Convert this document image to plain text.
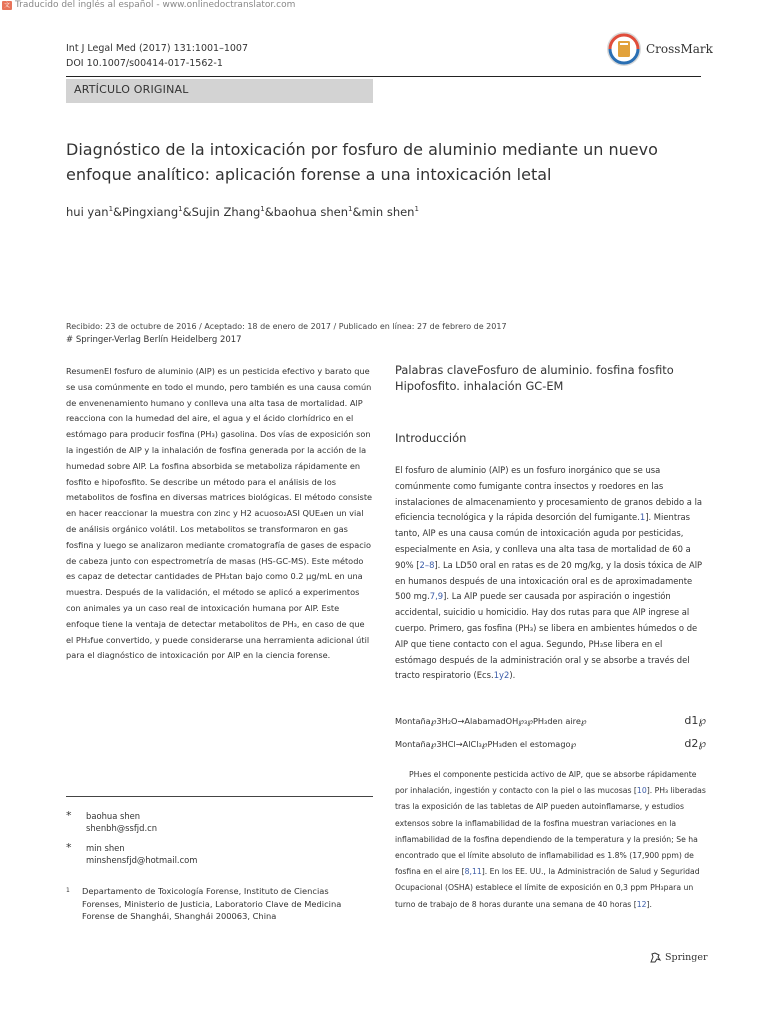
文A
Traducido del inglés al español - www.onlinedoctranslator.com
Int J Legal Med (2017) 131:1001–1007
DOI 10.1007/s00414-017-1562-1
CrossMark
ARTÍCULO ORIGINAL
Diagnóstico de la intoxicación por fosfuro de aluminio mediante un nuevo enfoque analítico: aplicación forense a una intoxicación letal
hui yan$^1$&Pingxiang$^1$&Sujin Zhang$^1$&baohua shen$^1$&min shen$^1$
Recibido: 23 de octubre de 2016 / Aceptado: 18 de enero de 2017 / Publicado en línea: 27 de febrero de 2017
# Springer-Verlag Berlín Heidelberg 2017
ResumenEl fosfuro de aluminio (AlP) es un pesticida efectivo y barato que se usa comúnmente en todo el mundo, pero también es una causa común de envenenamiento humano y conlleva una alta tasa de mortalidad. AlP reacciona con la humedad del aire, el agua y el ácido clorhídrico en el estómago para producir fosfina (PH₃) gasolina. Dos vías de exposición son la ingestión de AlP y la inhalación de fosfina generada por la acción de la humedad sobre AlP. La fosfina absorbida se metaboliza rápidamente en fosfito e hipofosfito. Se describe un método para el análisis de los metabolitos de fosfina en diversas matrices biológicas. El método consiste en hacer reaccionar la muestra con zinc y H2 acuoso₂ASI QUE₄en un vial de análisis orgánico volátil. Los metabolitos se transformaron en gas fosfina y luego se analizaron mediante cromatografía de gases de espacio de cabeza junto con espectrometría de masas (HS-GC-MS). Este método es capaz de detectar cantidades de PH₃tan bajo como 0.2 μg/mL en una muestra. Después de la validación, el método se aplicó a experimentos con animales ya un caso real de intoxicación humana por AlP. Este enfoque tiene la ventaja de detectar metabolitos de PH₃, en caso de que el PH₃fue convertido, y puede considerarse una herramienta adicional útil para el diagnóstico de intoxicación por AlP en la ciencia forense.
Palabras claveFosfuro de aluminio. fosfina fosfito Hipofosfito. inhalación GC-EM
Introducción
El fosfuro de aluminio (AlP) es un fosfuro inorgánico que se usa comúnmente como fumigante contra insectos y roedores en las instalaciones de almacenamiento y procesamiento de granos debido a la eficiencia tecnológica y la rápida desorción del fumigante.1]. Mientras tanto, AlP es una causa común de intoxicación aguda por pesticidas, especialmente en Asia, y conlleva una alta tasa de mortalidad de 60 a 90% [2–8]. La LD50 oral en ratas es de 20 mg/kg, y la dosis tóxica de AlP en humanos después de una intoxicación oral es de aproximadamente 500 mg.7,9]. La AlP puede ser causada por aspiración o ingestión accidental, suicidio u homicidio. Hay dos rutas para que AlP ingrese al cuerpo. Primero, gas fosfina (PH₃) se libera en ambientes húmedos o de AlP que tiene contacto con el agua. Segundo, PH₃se libera en el estómago después de la administración oral y se absorbe a través del tracto respiratorio (Ecs.1y2).
Montaña℘3H₂O→AlabamadOH℘₃℘PH₃den aire℘	d1℘
Montaña℘3HCl→AlCl₃℘PH₃den el estomago℘	d2℘
PH₃es el componente pesticida activo de AlP, que se absorbe rápidamente por inhalación, ingestión y contacto con la piel o las mucosas [10]. PH₃ liberadas tras la exposición de las tabletas de AlP pueden autoinflamarse, y estudios extensos sobre la inflamabilidad de la fosfina muestran variaciones en la inflamabilidad de la fosfina dependiendo de la temperatura y la presión; Se ha encontrado que el límite absoluto de inflamabilidad es 1.8% (17,900 ppm) de fosfina en el aire [8,11]. En los EE. UU., la Administración de Salud y Seguridad Ocupacional (OSHA) establece el límite de exposición en 0,3 ppm PH₃para un turno de trabajo de 8 horas durante una semana de 40 horas [12].
* baohua shen
shenbh@ssfjd.cn
* min shen
minshensfjd@hotmail.com
1 Departamento de Toxicología Forense, Instituto de Ciencias Forenses, Ministerio de Justicia, Laboratorio Clave de Medicina Forense de Shanghái, Shanghái 200063, China
Springer
